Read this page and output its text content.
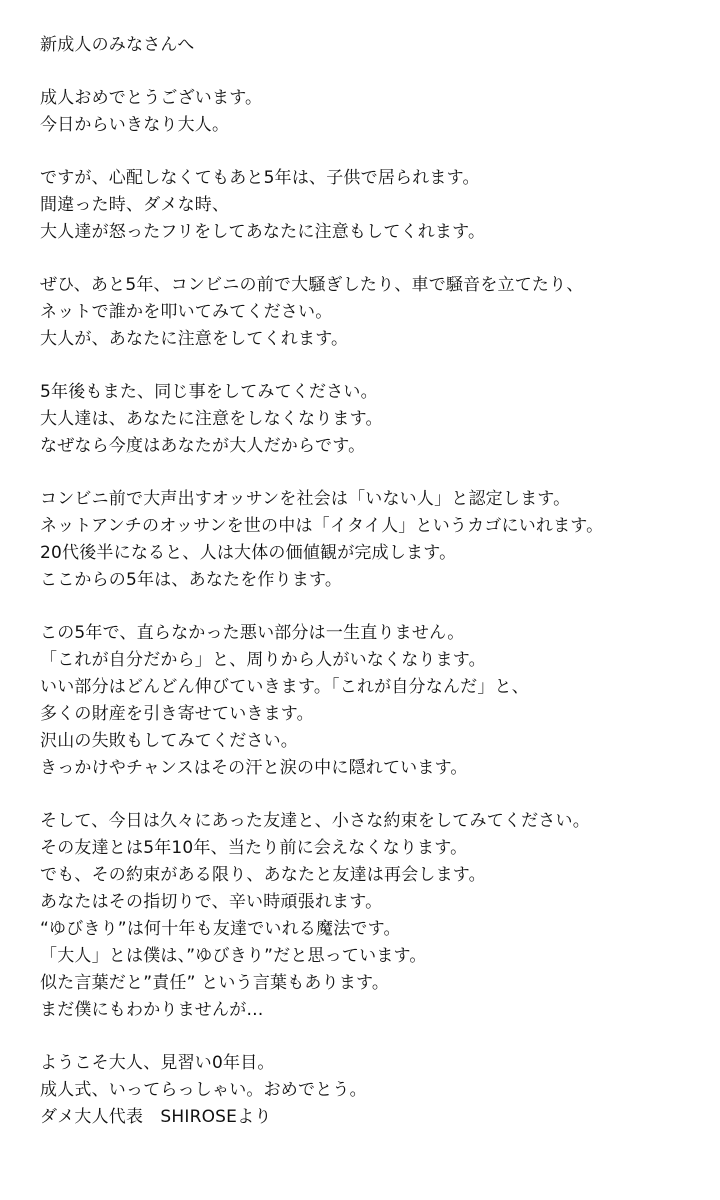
新成人のみなさんへ
成人おめでとうございます。
今日からいきなり大人。
ですが、心配しなくてもあと5年は、子供で居られます。
間違った時、ダメな時、
大人達が怒ったフリをしてあなたに注意もしてくれます。
ぜひ、あと5年、コンビニの前で大騒ぎしたり、車で騒音を立てたり、
ネットで誰かを叩いてみてください。
大人が、あなたに注意をしてくれます。
5年後もまた、同じ事をしてみてください。
大人達は、あなたに注意をしなくなります。
なぜなら今度はあなたが大人だからです。
コンビニ前で大声出すオッサンを社会は「いない人」と認定します。
ネットアンチのオッサンを世の中は「イタイ人」というカゴにいれます。
20代後半になると、人は大体の価値観が完成します。
ここからの5年は、あなたを作ります。
この5年で、直らなかった悪い部分は一生直りません。
「これが自分だから」と、周りから人がいなくなります。
いい部分はどんどん伸びていきます。「これが自分なんだ」と、
多くの財産を引き寄せていきます。
沢山の失敗もしてみてください。
きっかけやチャンスはその汗と涙の中に隠れています。
そして、今日は久々にあった友達と、小さな約束をしてみてください。
その友達とは5年10年、当たり前に会えなくなります。
でも、その約束がある限り、あなたと友達は再会します。
あなたはその指切りで、辛い時頑張れます。
“ゆびきり”は何十年も友達でいれる魔法です。
「大人」とは僕は、”ゆびきり”だと思っています。
似た言葉だと”責任” という言葉もあります。
まだ僕にもわかりませんが…
ようこそ大人、見習い0年目。
成人式、いってらっしゃい。おめでとう。
ダメ大人代表　SHIROSEより
